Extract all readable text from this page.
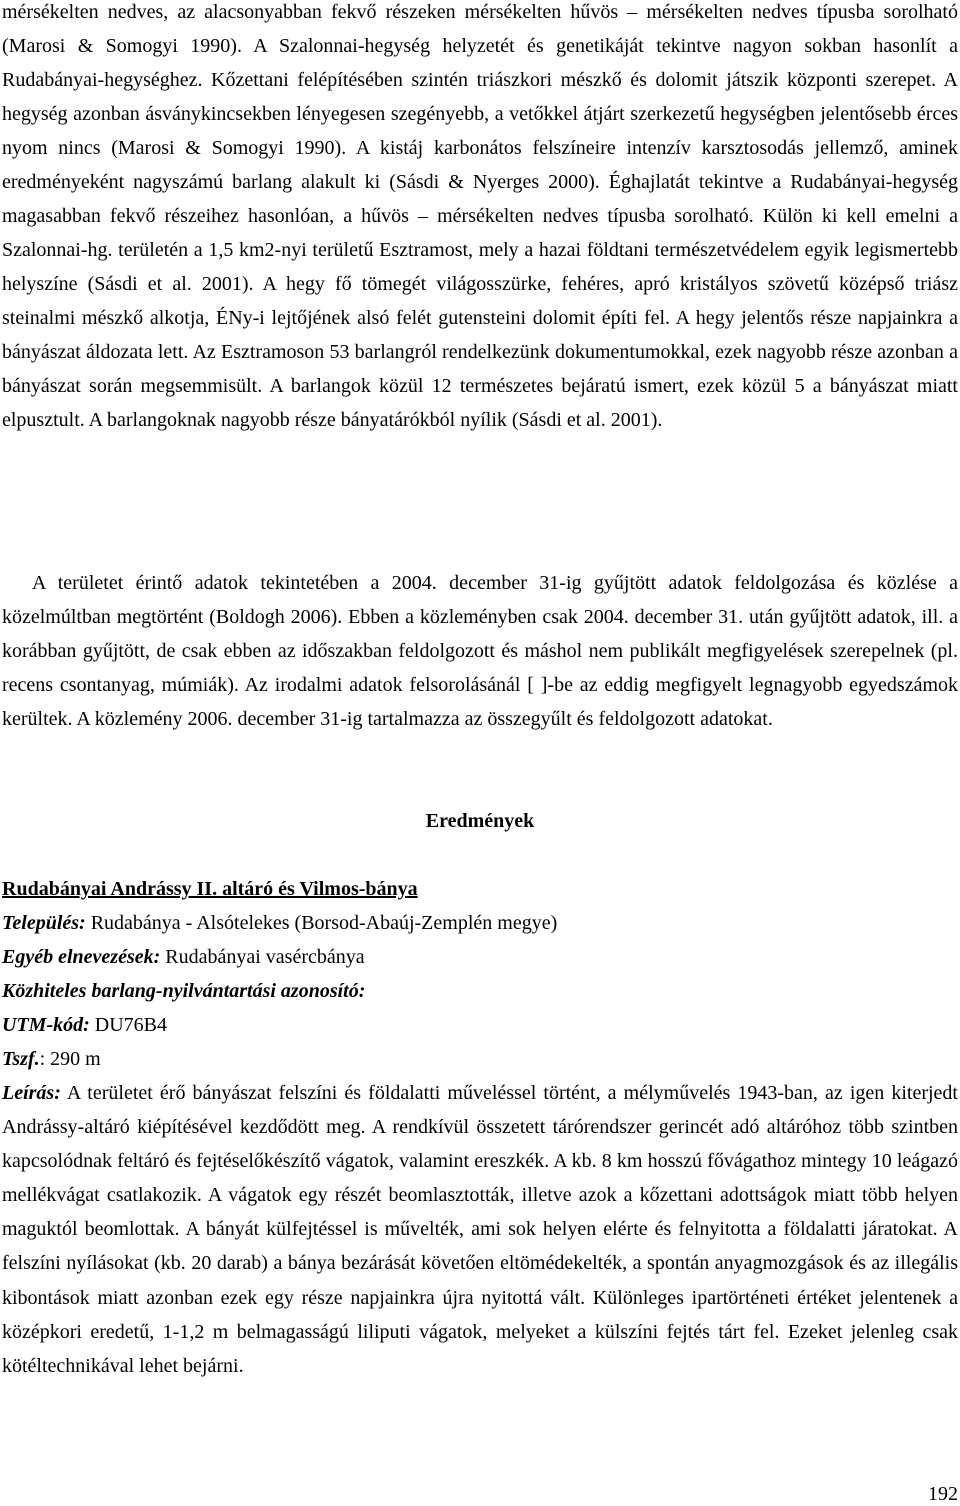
mérsékelten nedves, az alacsonyabban fekvő részeken mérsékelten hűvös – mérsékelten nedves típusba sorolható (Marosi & Somogyi 1990). A Szalonnai-hegység helyzetét és genetikáját tekintve nagyon sokban hasonlít a Rudabányai-hegységhez. Kőzettani felépítésében szintén triászkori mészkő és dolomit játszik központi szerepet. A hegység azonban ásványkincsekben lényegesen szegényebb, a vetőkkel átjárt szerkezetű hegységben jelentősebb érces nyom nincs (Marosi & Somogyi 1990). A kistáj karbonátos felszíneire intenzív karsztosodás jellemző, aminek eredményeként nagyszámú barlang alakult ki (Sásdi & Nyerges 2000). Éghajlatát tekintve a Rudabányai-hegység magasabban fekvő részeihez hasonlóan, a hűvös – mérsékelten nedves típusba sorolható. Külön ki kell emelni a Szalonnai-hg. területén a 1,5 km2-nyi területű Esztramost, mely a hazai földtani természetvédelem egyik legismertebb helyszíne (Sásdi et al. 2001). A hegy fő tömegét világosszürke, fehéres, apró kristályos szövetű középső triász steinalmi mészkő alkotja, ÉNy-i lejtőjének alsó felét gutensteini dolomit építi fel. A hegy jelentős része napjainkra a bányászat áldozata lett. Az Esztramoson 53 barlangról rendelkezünk dokumentumokkal, ezek nagyobb része azonban a bányászat során megsemmisült. A barlangok közül 12 természetes bejáratú ismert, ezek közül 5 a bányászat miatt elpusztult. A barlangoknak nagyobb része bányatárókból nyílik (Sásdi et al. 2001).

A területet érintő adatok tekintetében a 2004. december 31-ig gyűjtött adatok feldolgozása és közlése a közelmúltban megtörtént (Boldogh 2006). Ebben a közleményben csak 2004. december 31. után gyűjtött adatok, ill. a korábban gyűjtött, de csak ebben az időszakban feldolgozott és máshol nem publikált megfigyelések szerepelnek (pl. recens csontanyag, múmiák). Az irodalmi adatok felsorolásánál [ ]-be az eddig megfigyelt legnagyobb egyedszámok kerültek. A közlemény 2006. december 31-ig tartalmazza az összegyűlt és feldolgozott adatokat.

Eredmények
Rudabányai Andrássy II. altáró és Vilmos-bánya
Település: Rudabánya - Alsótelekes (Borsod-Abaúj-Zemplén megye)
Egyéb elnevezések: Rudabányai vasércbánya
Közhiteles barlang-nyilvántartási azonosító:
UTM-kód: DU76B4
Tszf.: 290 m

Leírás: A területet érő bányászat felszíni és földalatti műveléssel történt, a mélyművelés 1943-ban, az igen kiterjedt Andrássy-altáró kiépítésével kezdődött meg. A rendkívül összetett tárórendszer gerincét adó altáróhoz több szintben kapcsolódnak feltáró és fejtéselőkészítő vágatok, valamint ereszkék. A kb. 8 km hosszú fővágathoz mintegy 10 leágazó mellékvágat csatlakozik. A vágatok egy részét beomlasztották, illetve azok a kőzettani adottságok miatt több helyen maguktól beomlottak. A bányát külfejtéssel is művelték, ami sok helyen elérte és felnyitotta a földalatti járatokat. A felszíni nyílásokat (kb. 20 darab) a bánya bezárását követően eltömédekelték, a spontán anyagmozgások és az illegális kibontások miatt azonban ezek egy része napjainkra újra nyitottá vált. Különleges ipartörténeti értéket jelentenek a középkori eredetű, 1-1,2 m belmagasságú liliputi vágatok, melyeket a külszíni fejtés tárt fel. Ezeket jelenleg csak kötéltechnikával lehet bejárni.

192
